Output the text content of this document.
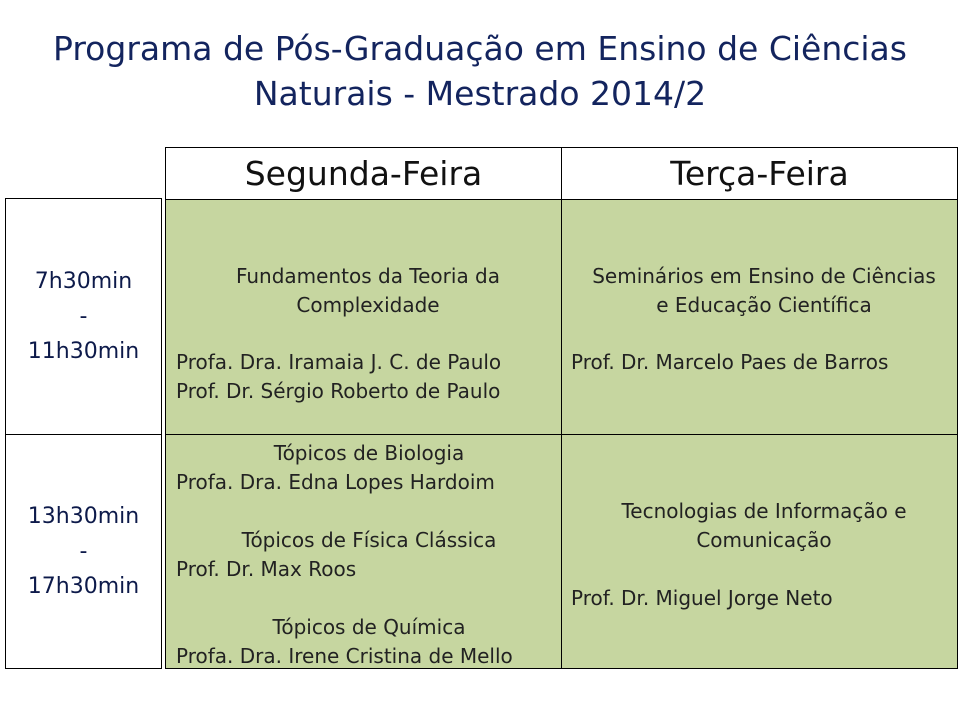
Programa de Pós-Graduação em Ensino de Ciências
Naturais - Mestrado 2014/2
Segunda-Feira	Terça-Feira
7h30min
-
11h30min
13h30min
-
17h30min
Fundamentos da Teoria da
Complexidade
Profa. Dra. Iramaia J. C. de Paulo
Prof. Dr. Sérgio Roberto de Paulo
Seminários em Ensino de Ciências
e Educação Científica
Prof. Dr. Marcelo Paes de Barros
Tópicos de Biologia
Profa. Dra. Edna Lopes Hardoim
Tópicos de Física Clássica
Prof. Dr. Max Roos
Tópicos de Química
Profa. Dra. Irene Cristina de Mello
Tecnologias de Informação e
Comunicação
Prof. Dr. Miguel Jorge Neto
